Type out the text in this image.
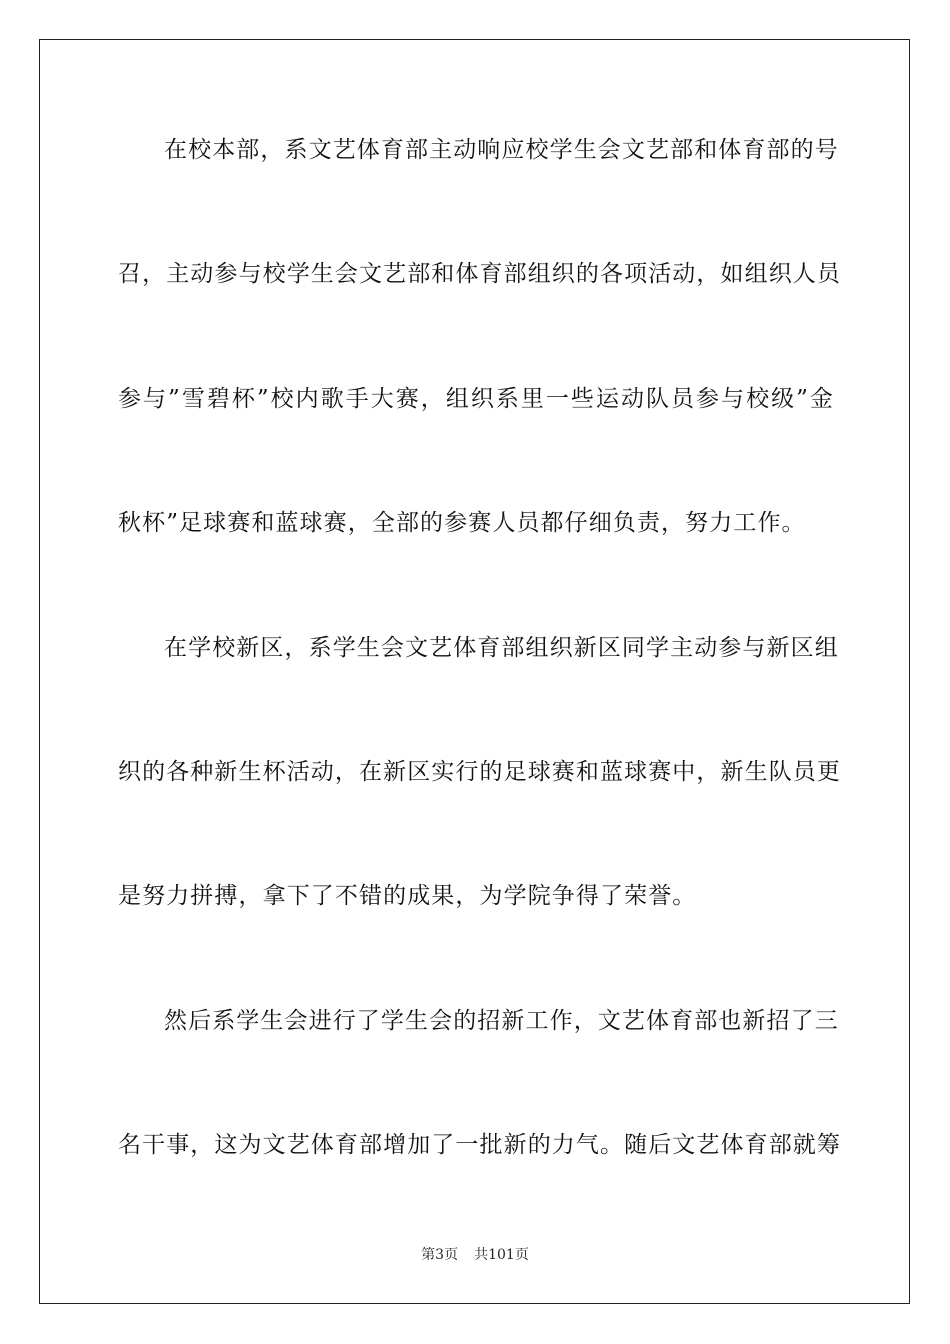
在校本部，系文艺体育部主动响应校学生会文艺部和体育部的号
召，主动参与校学生会文艺部和体育部组织的各项活动，如组织人员
参与”雪碧杯”校内歌手大赛，组织系里一些运动队员参与校级”金
秋杯”足球赛和蓝球赛，全部的参赛人员都仔细负责，努力工作。
在学校新区，系学生会文艺体育部组织新区同学主动参与新区组
织的各种新生杯活动，在新区实行的足球赛和蓝球赛中，新生队员更
是努力拼搏，拿下了不错的成果，为学院争得了荣誉。
然后系学生会进行了学生会的招新工作，文艺体育部也新招了三
名干事，这为文艺体育部增加了一批新的力气。随后文艺体育部就筹
第3页 共101页
